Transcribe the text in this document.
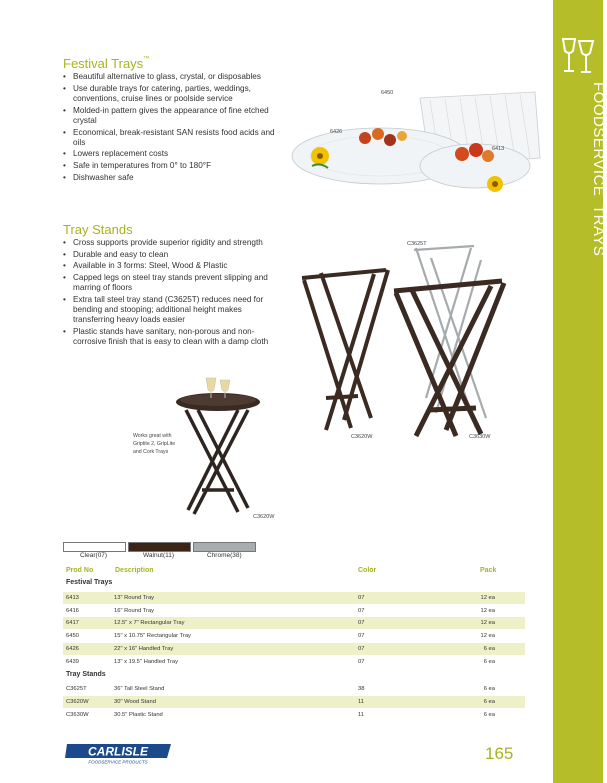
FOODSERVICE

TRAYS
Festival Trays™
• Beautiful alternative to glass, crystal, or disposables
• Use durable trays for catering, parties, weddings, conventions, cruise lines or poolside service
• Molded-in pattern gives the appearance of fine etched crystal
• Economical, break-resistant SAN resists food acids and oils
• Lowers replacement costs
• Safe in temperatures from 0° to 180°F
• Dishwasher safe
6450
6426
6413
Tray Stands
• Cross supports provide superior rigidity and strength
• Durable and easy to clean
• Available in 3 forms: Steel, Wood & Plastic
• Capped legs on steel tray stands prevent slipping and marring of floors
• Extra tall steel tray stand (C3625T) reduces need for bending and stooping; additional height makes transferring heavy loads easier
• Plastic stands have sanitary, non-porous and non-corrosive finish that is easy to clean with a damp cloth
C3625T
C3620W	C3630W
Works great with
Griptite 2, GripLite
and Cork Trays
C3620W
Clear(07)	Walnut(11)	Chrome(38)
Prod No	Description	Color	Pack
Festival Trays
6413	13" Round Tray	07	12 ea
6416	16" Round Tray	07	12 ea
6417	12.5" x 7" Rectangular Tray	07	12 ea
6450	15" x 10.75" Rectangular Tray	07	12 ea
6426	22" x 16" Handled Tray	07	6 ea
6439	13" x 19.5" Handled Tray	07	6 ea
Tray Stands
C3625T	36" Tall Steel Stand	38	6 ea
C3620W	30" Wood Stand	11	6 ea
C3630W	30.5" Plastic Stand	11	6 ea
CARLISLE
FOODSERVICE PRODUCTS	165
